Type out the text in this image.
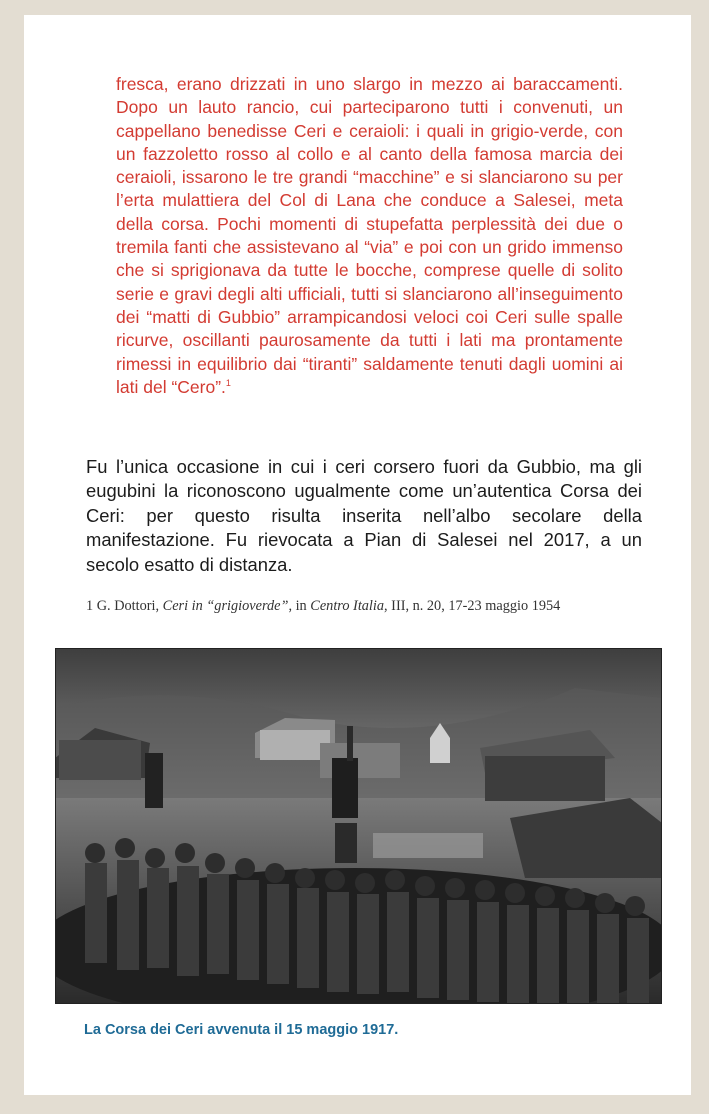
fresca, erano drizzati in uno slargo in mezzo ai baraccamenti. Dopo un lauto rancio, cui parteciparono tutti i convenuti, un cappellano benedisse Ceri e ceraioli: i quali in grigio-verde, con un fazzoletto rosso al collo e al canto della famosa marcia dei ceraioli, issarono le tre grandi “macchine” e si slanciarono su per l’erta mulattiera del Col di Lana che conduce a Salesei, meta della corsa. Pochi momenti di stupefatta perplessità dei due o tremila fanti che assistevano al “via” e poi con un grido immenso che si sprigionava da tutte le bocche, comprese quelle di solito serie e gravi degli alti ufficiali, tutti si slanciarono all’inseguimento dei “matti di Gubbio” arrampicandosi veloci coi Ceri sulle spalle ricurve, oscillanti paurosamente da tutti i lati ma prontamente rimessi in equilibrio dai “tiranti” saldamente tenuti dagli uomini ai lati del “Cero”.$^1$

Fu l’unica occasione in cui i ceri corsero fuori da Gubbio, ma gli eugubini la riconoscono ugualmente come un’autentica Corsa dei Ceri: per questo risulta inserita nell’albo secolare della manifestazione. Fu rievocata a Pian di Salesei nel 2017, a un secolo esatto di distanza.

1 G. Dottori, Ceri in “grigioverde”, in Centro Italia, III, n. 20, 17-23 maggio 1954
La Corsa dei Ceri avvenuta il 15 maggio 1917.
